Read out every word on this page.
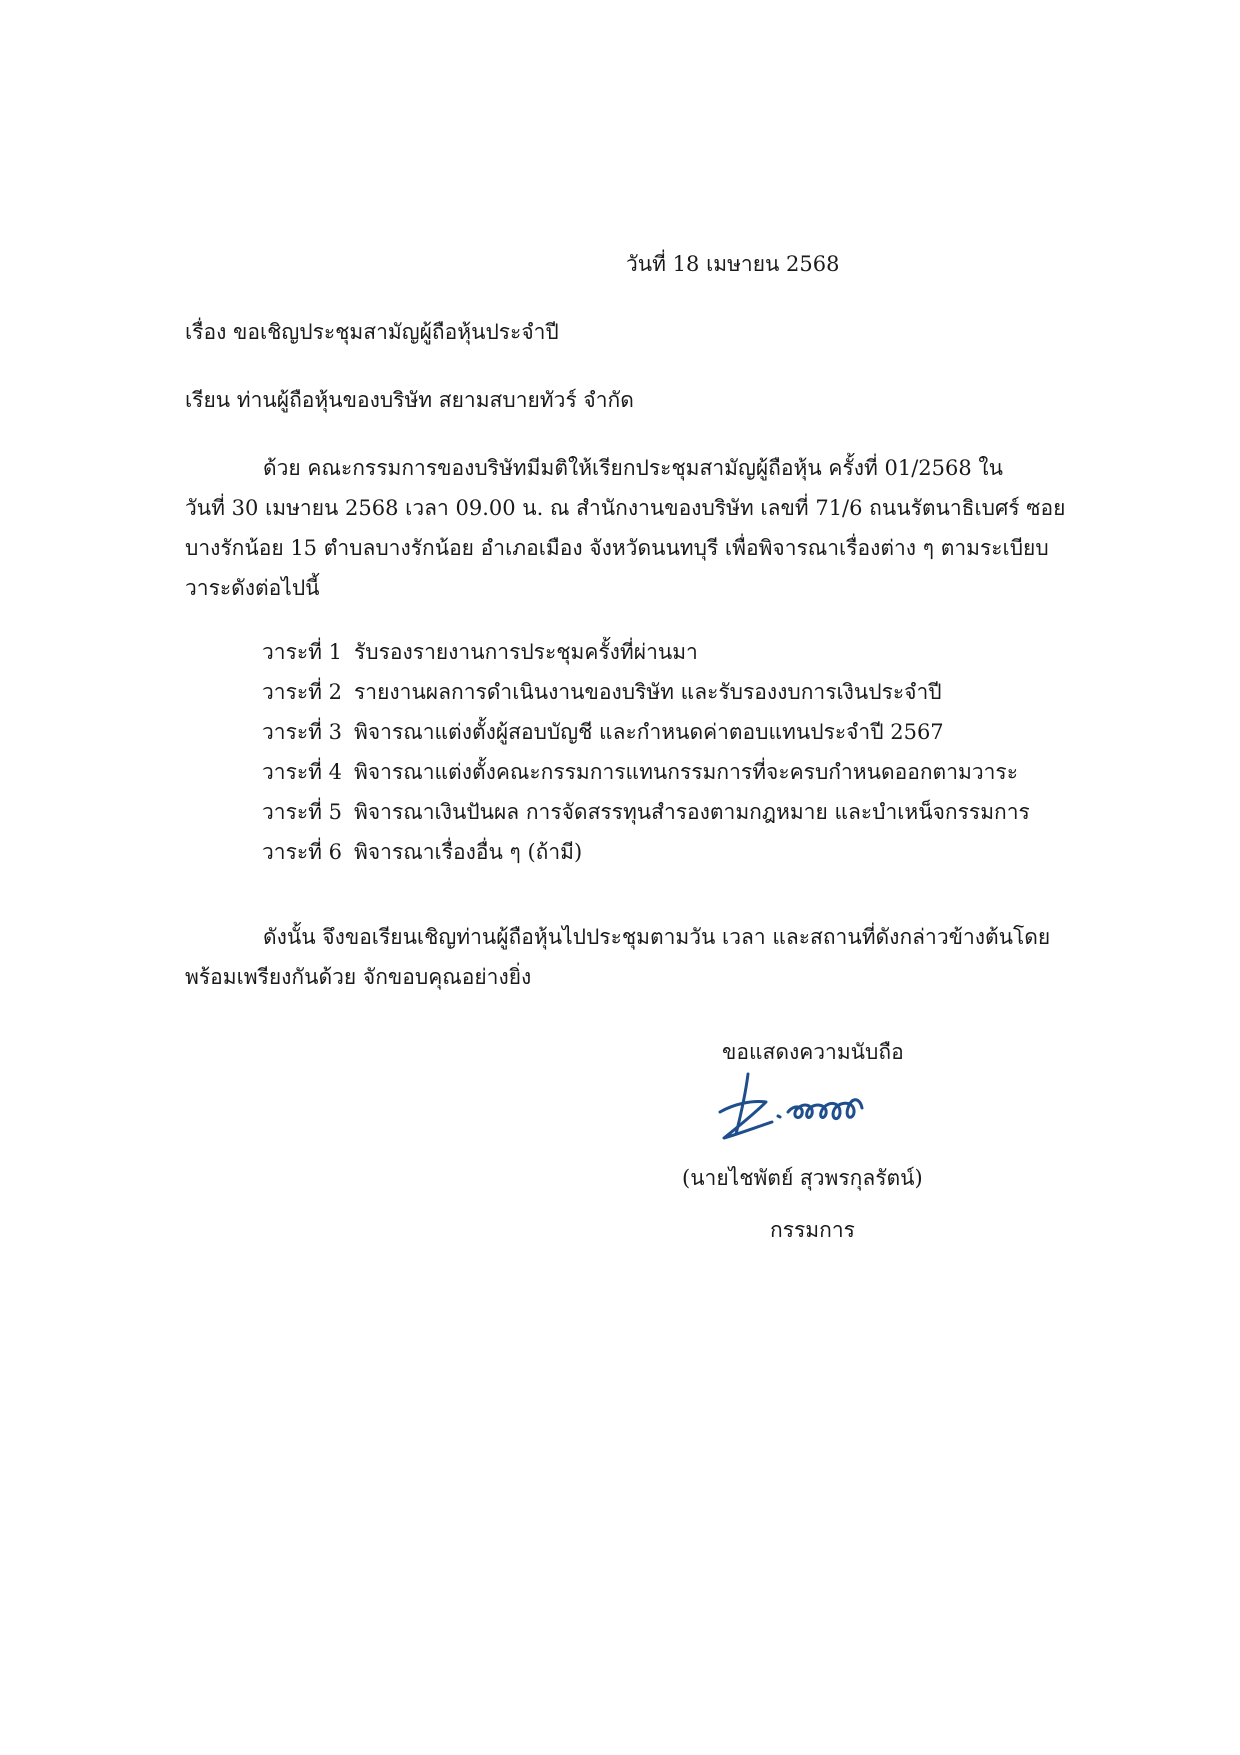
วันที่ 18 เมษายน 2568
เรื่อง ขอเชิญประชุมสามัญผู้ถือหุ้นประจำปี
เรียน ท่านผู้ถือหุ้นของบริษัท สยามสบายทัวร์ จำกัด
ด้วย คณะกรรมการของบริษัทมีมติให้เรียกประชุมสามัญผู้ถือหุ้น ครั้งที่ 01/2568 ใน
วันที่ 30 เมษายน 2568 เวลา 09.00 น. ณ สำนักงานของบริษัท เลขที่ 71/6 ถนนรัตนาธิเบศร์ ซอย
บางรักน้อย 15 ตำบลบางรักน้อย อำเภอเมือง จังหวัดนนทบุรี เพื่อพิจารณาเรื่องต่าง ๆ ตามระเบียบ
วาระดังต่อไปนี้
วาระที่ 1 รับรองรายงานการประชุมครั้งที่ผ่านมา
วาระที่ 2 รายงานผลการดำเนินงานของบริษัท และรับรองงบการเงินประจำปี
วาระที่ 3 พิจารณาแต่งตั้งผู้สอบบัญชี และกำหนดค่าตอบแทนประจำปี 2567
วาระที่ 4 พิจารณาแต่งตั้งคณะกรรมการแทนกรรมการที่จะครบกำหนดออกตามวาระ
วาระที่ 5 พิจารณาเงินปันผล การจัดสรรทุนสำรองตามกฎหมาย และบำเหน็จกรรมการ
วาระที่ 6 พิจารณาเรื่องอื่น ๆ (ถ้ามี)
ดังนั้น จึงขอเรียนเชิญท่านผู้ถือหุ้นไปประชุมตามวัน เวลา และสถานที่ดังกล่าวข้างต้นโดย
พร้อมเพรียงกันด้วย จักขอบคุณอย่างยิ่ง
ขอแสดงความนับถือ
(นายไชพัตย์ สุวพรกุลรัตน์)
กรรมการ
